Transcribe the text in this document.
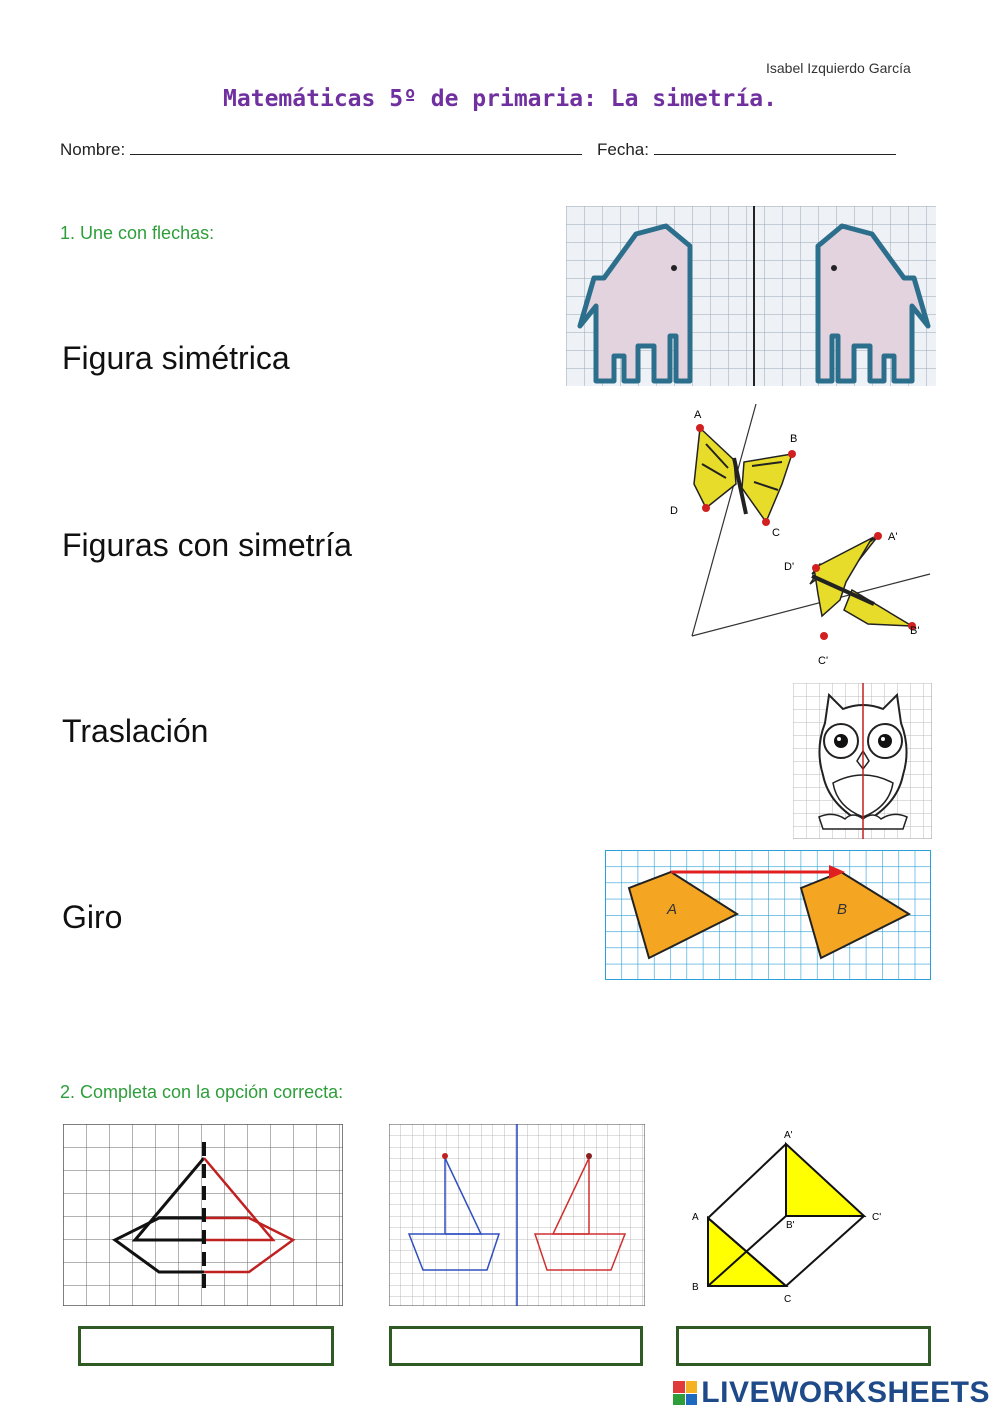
Isabel Izquierdo García
Matemáticas 5º de primaria: La simetría.
Nombre:	Fecha:
1. Une con flechas:
Figura simétrica
Figuras con simetría
Traslación
Giro
A
B
C
D
A'
B'
C'
D'
A	B
2. Completa con la opción correcta:
A'
B'
C'
A
B
C
LIVEWORKSHEETS
